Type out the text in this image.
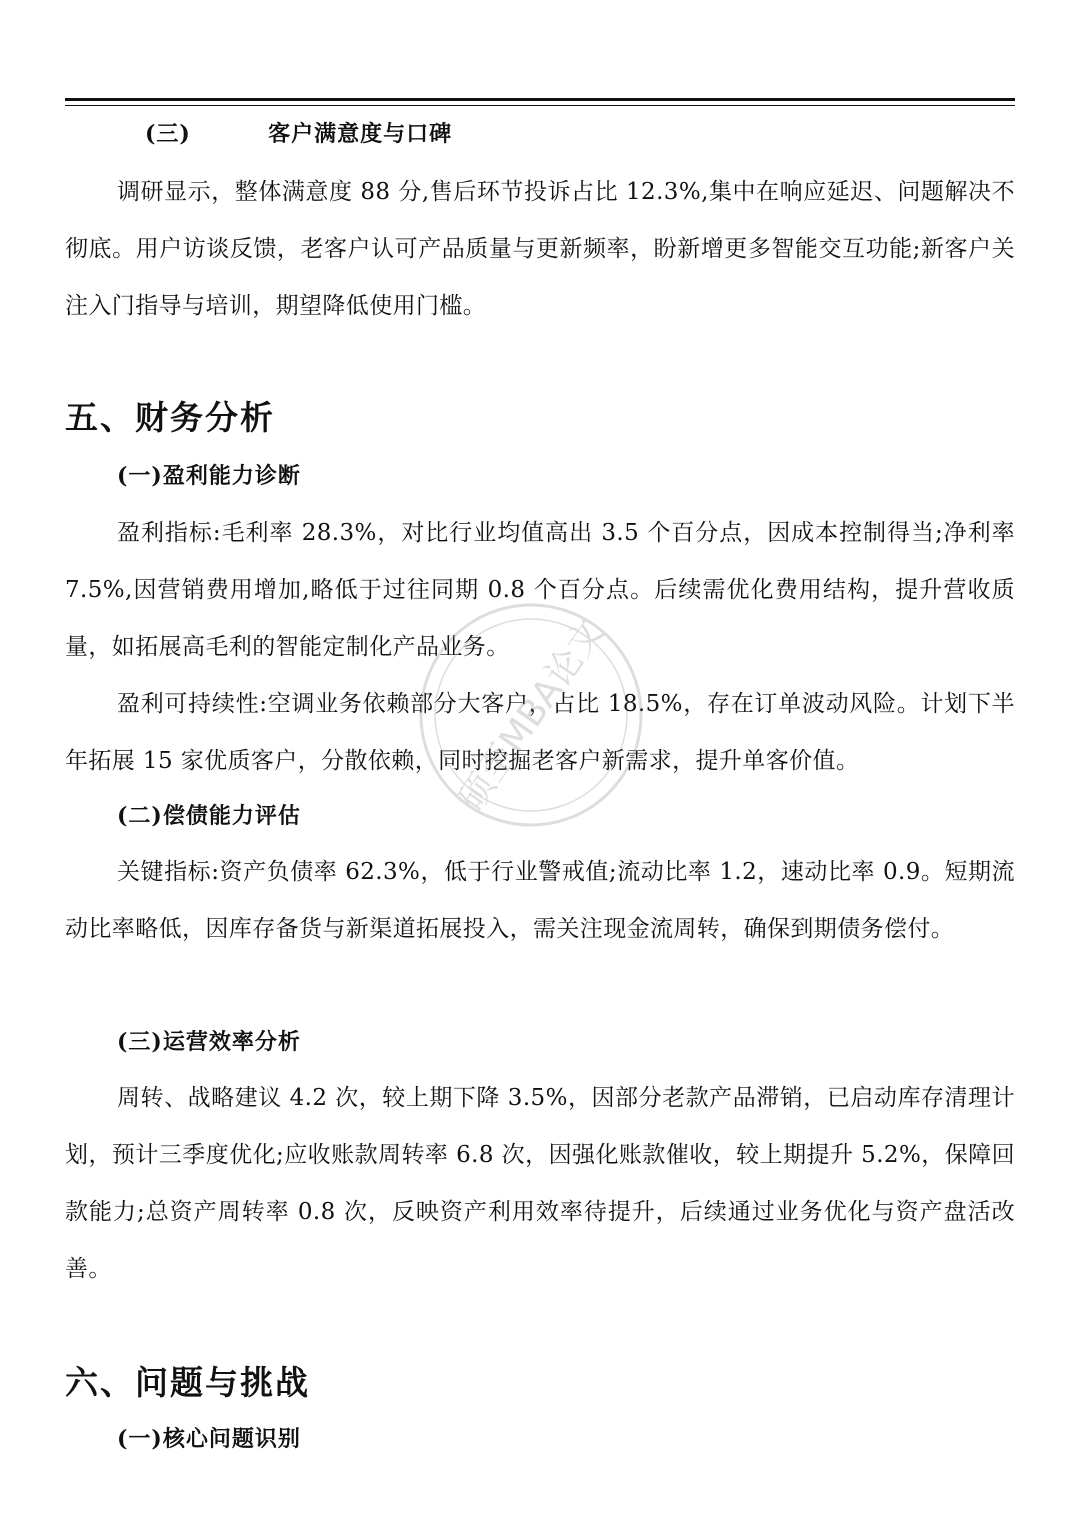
(三)  客户满意度与口碑

调研显示，整体满意度 88 分,售后环节投诉占比 12.3%,集中在响应延迟、问题解决不彻底。用户访谈反馈，老客户认可产品质量与更新频率，盼新增更多智能交互功能;新客户关注入门指导与培训，期望降低使用门槛。

五、财务分析
(一)盈利能力诊断

盈利指标:毛利率 28.3%，对比行业均值高出 3.5 个百分点，因成本控制得当;净利率 7.5%,因营销费用增加,略低于过往同期 0.8 个百分点。后续需优化费用结构，提升营收质量，如拓展高毛利的智能定制化产品业务。

盈利可持续性:空调业务依赖部分大客户，占比 18.5%，存在订单波动风险。计划下半年拓展 15 家优质客户，分散依赖，同时挖掘老客户新需求，提升单客价值。

(二)偿债能力评估

关键指标:资产负债率 62.3%，低于行业警戒值;流动比率 1.2，速动比率 0.9。短期流动比率略低，因库存备货与新渠道拓展投入，需关注现金流周转，确保到期债务偿付。

(三)运营效率分析

周转、战略建议 4.2 次，较上期下降 3.5%，因部分老款产品滞销，已启动库存清理计划，预计三季度优化;应收账款周转率 6.8 次，因强化账款催收，较上期提升 5.2%，保障回款能力;总资产周转率 0.8 次，反映资产利用效率待提升，后续通过业务优化与资产盘活改善。

六、问题与挑战
(一)核心问题识别
硕至MBA论文
